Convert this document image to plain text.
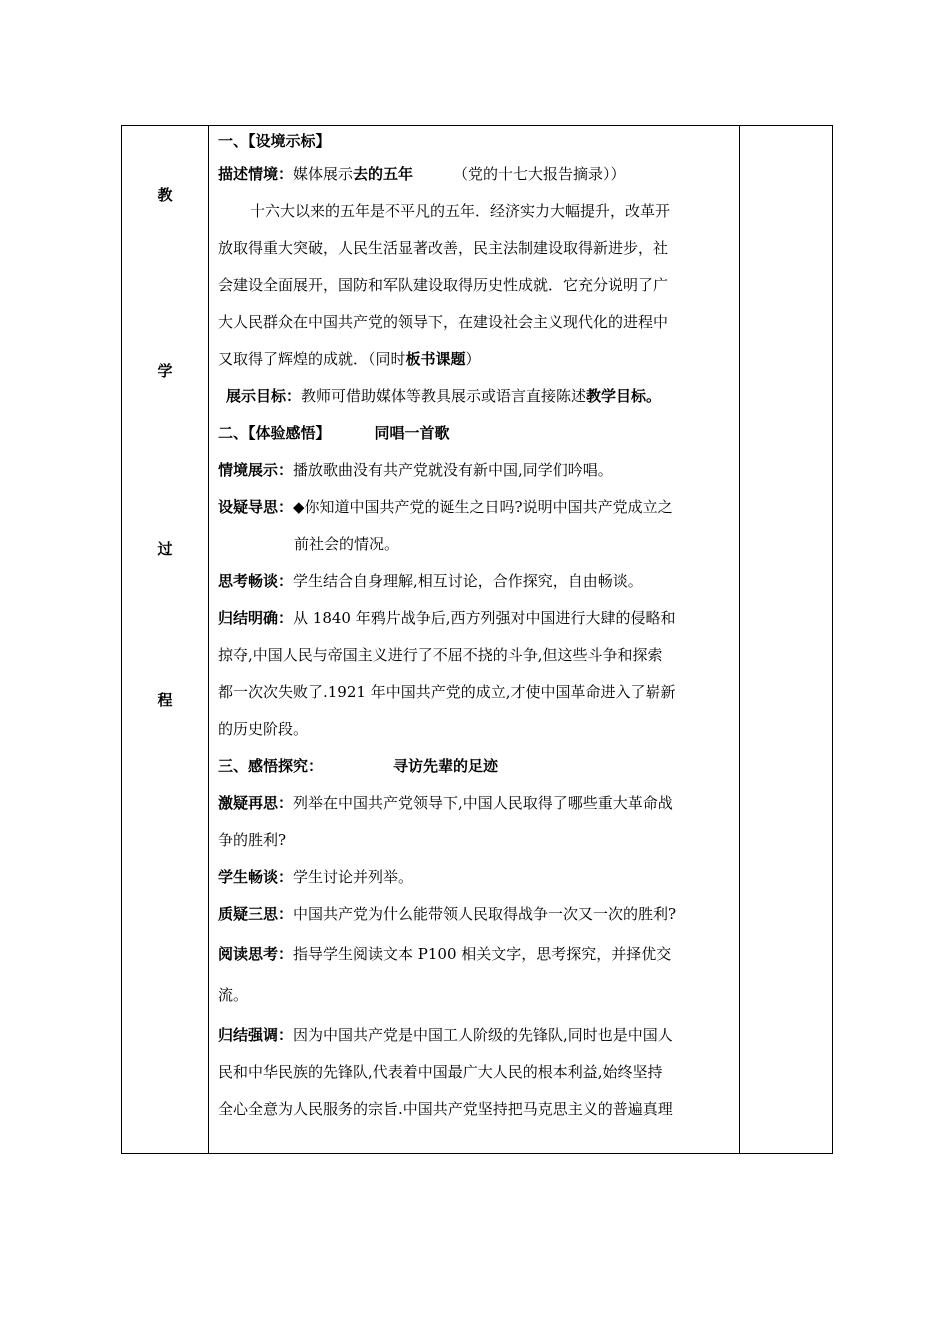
教
学
过
程
一、【设境示标】
描述情境：媒体展示去的五年	（党的十七大报告摘录））
十六大以来的五年是不平凡的五年．经济实力大幅提升，改革开
放取得重大突破，人民生活显著改善，民主法制建设取得新进步，社
会建设全面展开，国防和军队建设取得历史性成就．它充分说明了广
大人民群众在中国共产党的领导下，在建设社会主义现代化的进程中
又取得了辉煌的成就．（同时板书课题）
展示目标：教师可借助媒体等教具展示或语言直接陈述教学目标。
二、【体验感悟】	同唱一首歌
情境展示：播放歌曲没有共产党就没有新中国,同学们吟唱。
设疑导思：◆你知道中国共产党的诞生之日吗?说明中国共产党成立之
前社会的情况。
思考畅谈：学生结合自身理解,相互讨论，合作探究，自由畅谈。
归结明确：从 1840 年鸦片战争后,西方列强对中国进行大肆的侵略和
掠夺,中国人民与帝国主义进行了不屈不挠的斗争,但这些斗争和探索
都一次次失败了.1921 年中国共产党的成立,才使中国革命进入了崭新
的历史阶段。
三、感悟探究：	寻访先辈的足迹
激疑再思：列举在中国共产党领导下,中国人民取得了哪些重大革命战
争的胜利?
学生畅谈：学生讨论并列举。
质疑三思：中国共产党为什么能带领人民取得战争一次又一次的胜利?
阅读思考：指导学生阅读文本 P100 相关文字，思考探究，并择优交
流。
归结强调：因为中国共产党是中国工人阶级的先锋队,同时也是中国人
民和中华民族的先锋队,代表着中国最广大人民的根本利益,始终坚持
全心全意为人民服务的宗旨.中国共产党坚持把马克思主义的普遍真理
